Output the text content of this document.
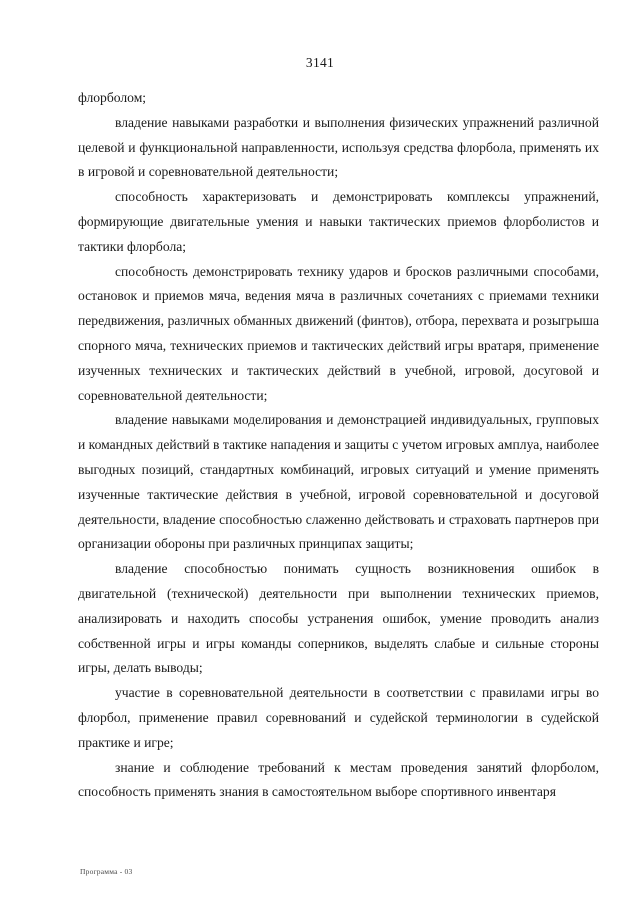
3141

флорболом;

владение навыками разработки и выполнения физических упражнений различной целевой и функциональной направленности, используя средства флорбола, применять их в игровой и соревновательной деятельности;

способность характеризовать и демонстрировать комплексы упражнений, формирующие двигательные умения и навыки тактических приемов флорболистов и тактики флорбола;

способность демонстрировать технику ударов и бросков различными способами, остановок и приемов мяча, ведения мяча в различных сочетаниях с приемами техники передвижения, различных обманных движений (финтов), отбора, перехвата и розыгрыша спорного мяча, технических приемов и тактических действий игры вратаря, применение изученных технических и тактических действий в учебной, игровой, досуговой и соревновательной деятельности;

владение навыками моделирования и демонстрацией индивидуальных, групповых и командных действий в тактике нападения и защиты с учетом игровых амплуа, наиболее выгодных позиций, стандартных комбинаций, игровых ситуаций и умение применять изученные тактические действия в учебной, игровой соревновательной и досуговой деятельности, владение способностью слаженно действовать и страховать партнеров при организации обороны при различных принципах защиты;

владение способностью понимать сущность возникновения ошибок в двигательной (технической) деятельности при выполнении технических приемов, анализировать и находить способы устранения ошибок, умение проводить анализ собственной игры и игры команды соперников, выделять слабые и сильные стороны игры, делать выводы;

участие в соревновательной деятельности в соответствии с правилами игры во флорбол, применение правил соревнований и судейской терминологии в судейской практике и игре;

знание и соблюдение требований к местам проведения занятий флорболом, способность применять знания в самостоятельном выборе спортивного инвентаря

Программа - 03
